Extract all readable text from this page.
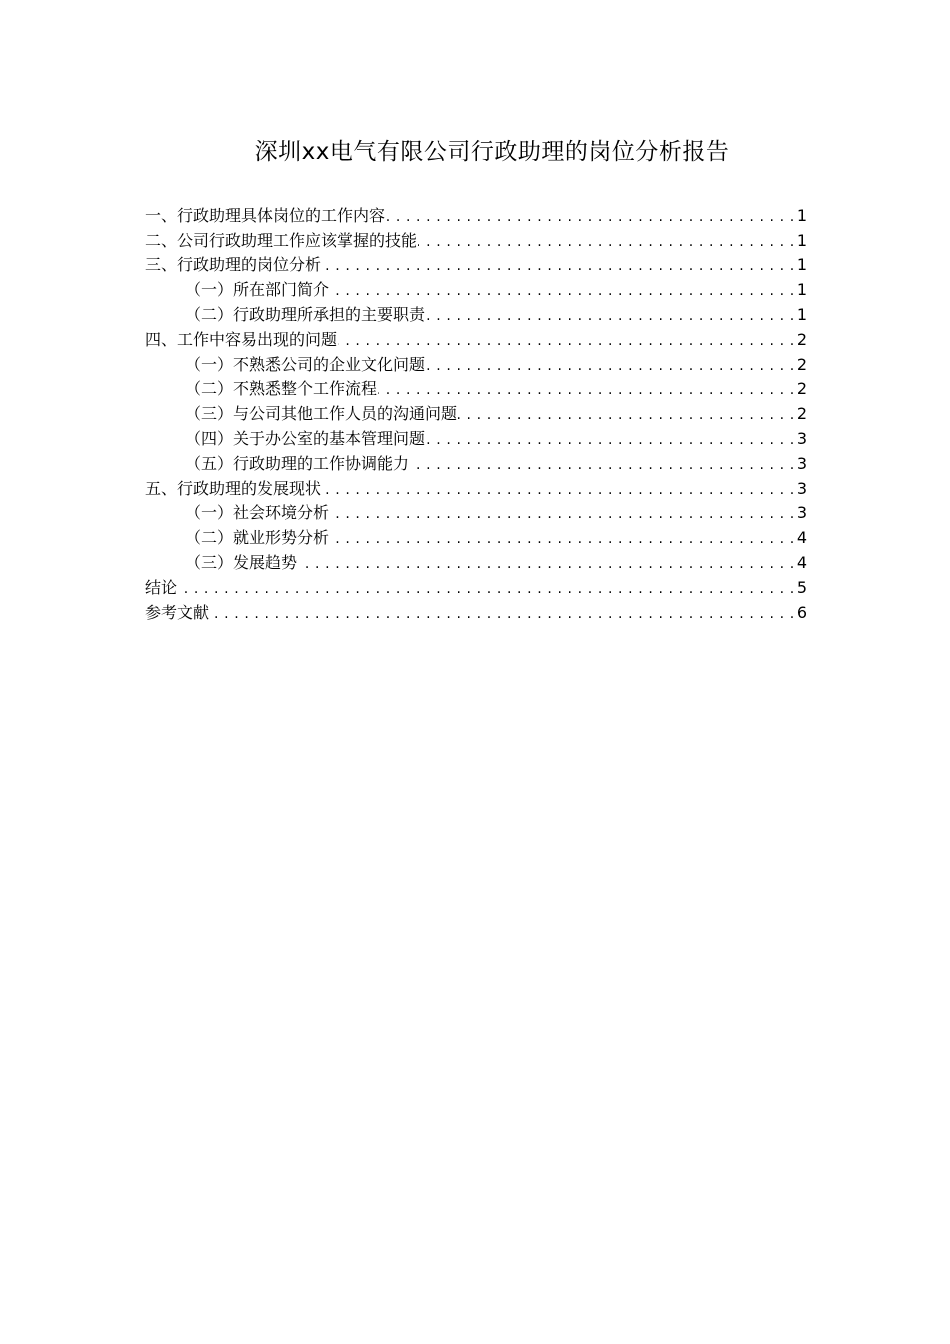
深圳xx电气有限公司行政助理的岗位分析报告
一、行政助理具体岗位的工作内容 . . .	1
二、公司行政助理工作应该掌握的技能 . . .	1
三、行政助理的岗位分析 . . .	1
（一）所在部门简介 . . .	1
（二）行政助理所承担的主要职责 . . .	1
四、工作中容易出现的问题 . . .	2
（一）不熟悉公司的企业文化问题 . . .	2
（二）不熟悉整个工作流程 . . .	2
（三）与公司其他工作人员的沟通问题 . . .	2
（四）关于办公室的基本管理问题 . . .	3
（五）行政助理的工作协调能力 . . .	3
五、行政助理的发展现状 . . .	3
（一）社会环境分析 . . .	3
（二）就业形势分析 . . .	4
（三）发展趋势 . . .	4
结论 . . .	5
参考文献 . . .	6
